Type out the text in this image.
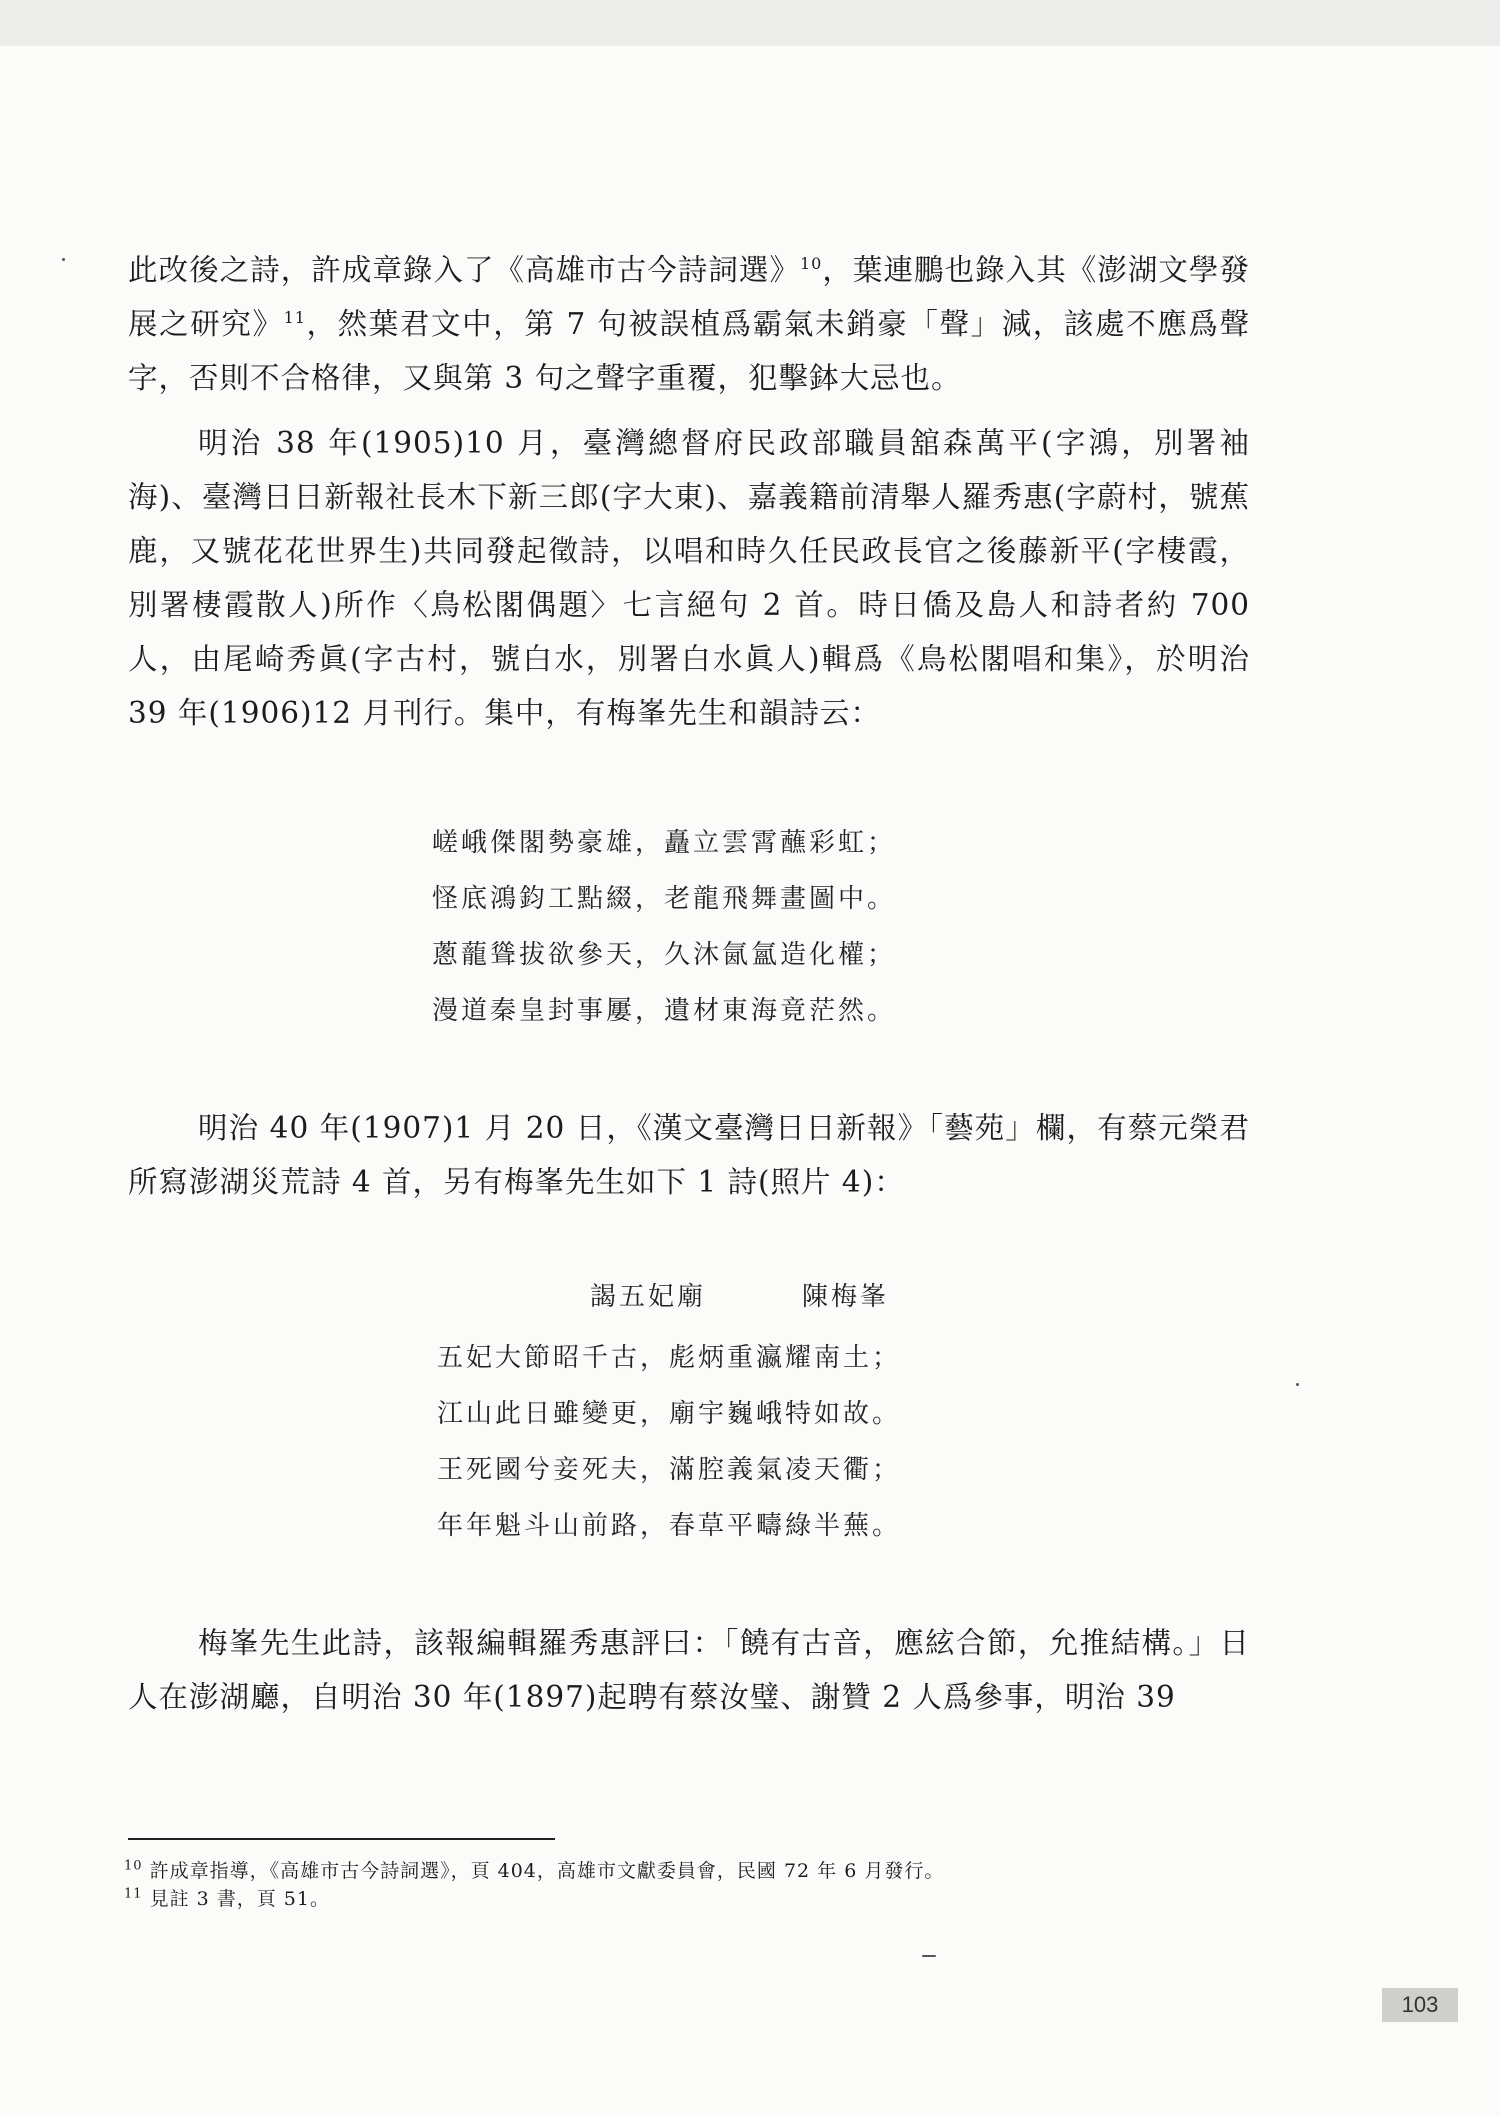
此改後之詩，許成章錄入了《高雄市古今詩詞選》$^{10}$，葉連鵬也錄入其《澎湖文學發展之研究》$^{11}$，然葉君文中，第 7 句被誤植爲霸氣未銷豪「聲」減，該處不應爲聲字，否則不合格律，又與第 3 句之聲字重覆，犯擊鉢大忌也。

明治 38 年(1905)10 月，臺灣總督府民政部職員舘森萬平(字鴻，別署袖海)、臺灣日日新報社長木下新三郎(字大東)、嘉義籍前清舉人羅秀惠(字蔚村，號蕉鹿，又號花花世界生)共同發起徵詩，以唱和時久任民政長官之後藤新平(字棲霞，別署棲霞散人)所作〈鳥松閣偶題〉七言絕句 2 首。時日僑及島人和詩者約 700 人，由尾崎秀眞(字古村，號白水，別署白水眞人)輯爲《鳥松閣唱和集》，於明治 39 年(1906)12 月刊行。集中，有梅峯先生和韻詩云：

嵯峨傑閣勢豪雄，矗立雲霄蘸彩虹；
怪底鴻鈞工點綴，老龍飛舞畫圖中。
蔥蘢聳拔欲參天，久沐氤氳造化權；
漫道秦皇封事屢，遺材東海竟茫然。

明治 40 年(1907)1 月 20 日，《漢文臺灣日日新報》「藝苑」欄，有蔡元榮君所寫澎湖災荒詩 4 首，另有梅峯先生如下 1 詩(照片 4)：

謁五妃廟	陳梅峯
五妃大節昭千古，彪炳重瀛耀南土；
江山此日雖變更，廟宇巍峨特如故。
王死國兮妾死夫，滿腔義氣凌天衢；
年年魁斗山前路，春草平疇綠半蕪。

梅峯先生此詩，該報編輯羅秀惠評曰：「饒有古音，應絃合節，允推結構。」日人在澎湖廳，自明治 30 年(1897)起聘有蔡汝璧、謝贊 2 人爲參事，明治 39

$^{10}$ 許成章指導，《高雄市古今詩詞選》，頁 404，高雄市文獻委員會，民國 72 年 6 月發行。
$^{11}$ 見註 3 書，頁 51。
103
